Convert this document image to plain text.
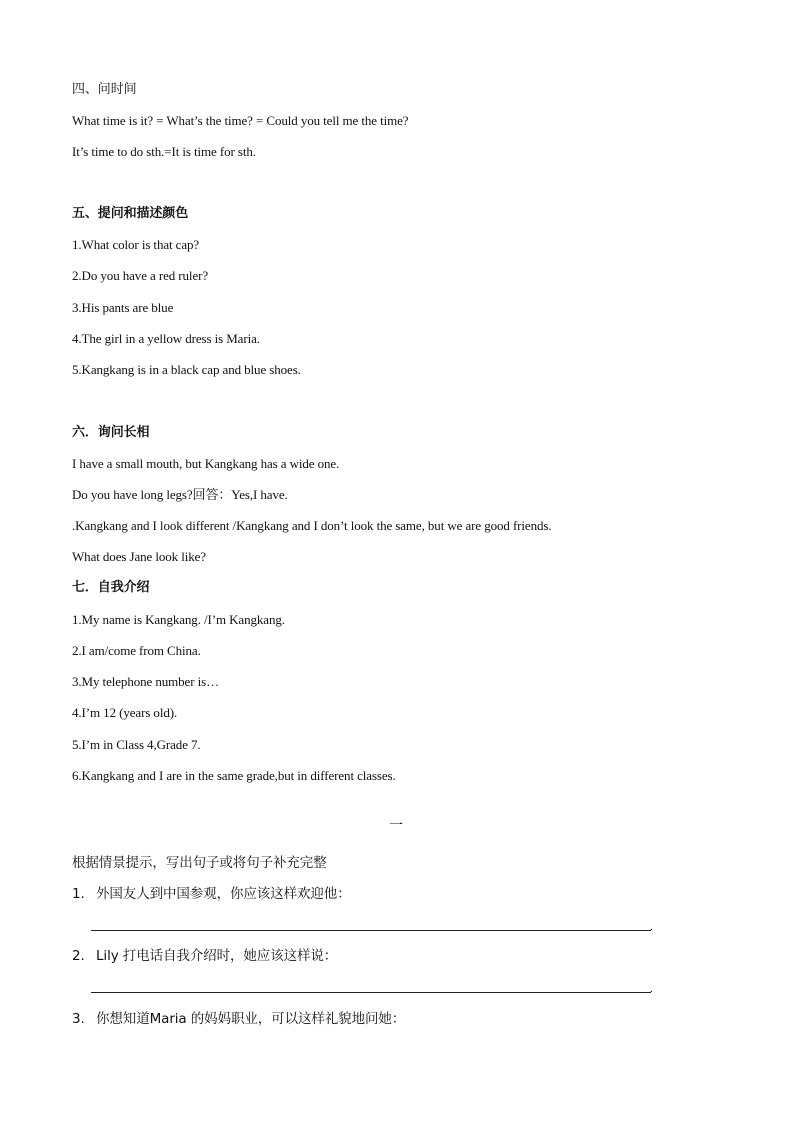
四、问时间
What time is it? = What’s the time? = Could you tell me the time?
It’s time to do sth.=It is time for sth.
五、提问和描述颜色
1.What color is that cap?
2.Do you have a red ruler?
3.His pants are blue
4.The girl in a yellow dress is Maria.
5.Kangkang is in a black cap and blue shoes.
六．询问长相
I have a small mouth, but Kangkang has a wide one.
Do you have long legs?回答：Yes,I have.
.Kangkang and I look different /Kangkang and I don’t look the same, but we are good friends.
What does Jane look like?
七．自我介绍
1.My name is Kangkang. /I’m Kangkang.
2.I am/come from China.
3.My telephone number is…
4.I’m 12 (years old).
5.I’m in Class 4,Grade 7.
6.Kangkang and I are in the same grade,but in different classes.
一
根据情景提示，写出句子或将句子补充完整
1. 外国友人到中国参观，你应该这样欢迎他：
.
2. Lily 打电话自我介绍时，她应该这样说：
.
3. 你想知道Maria 的妈妈职业，可以这样礼貌地问她：
